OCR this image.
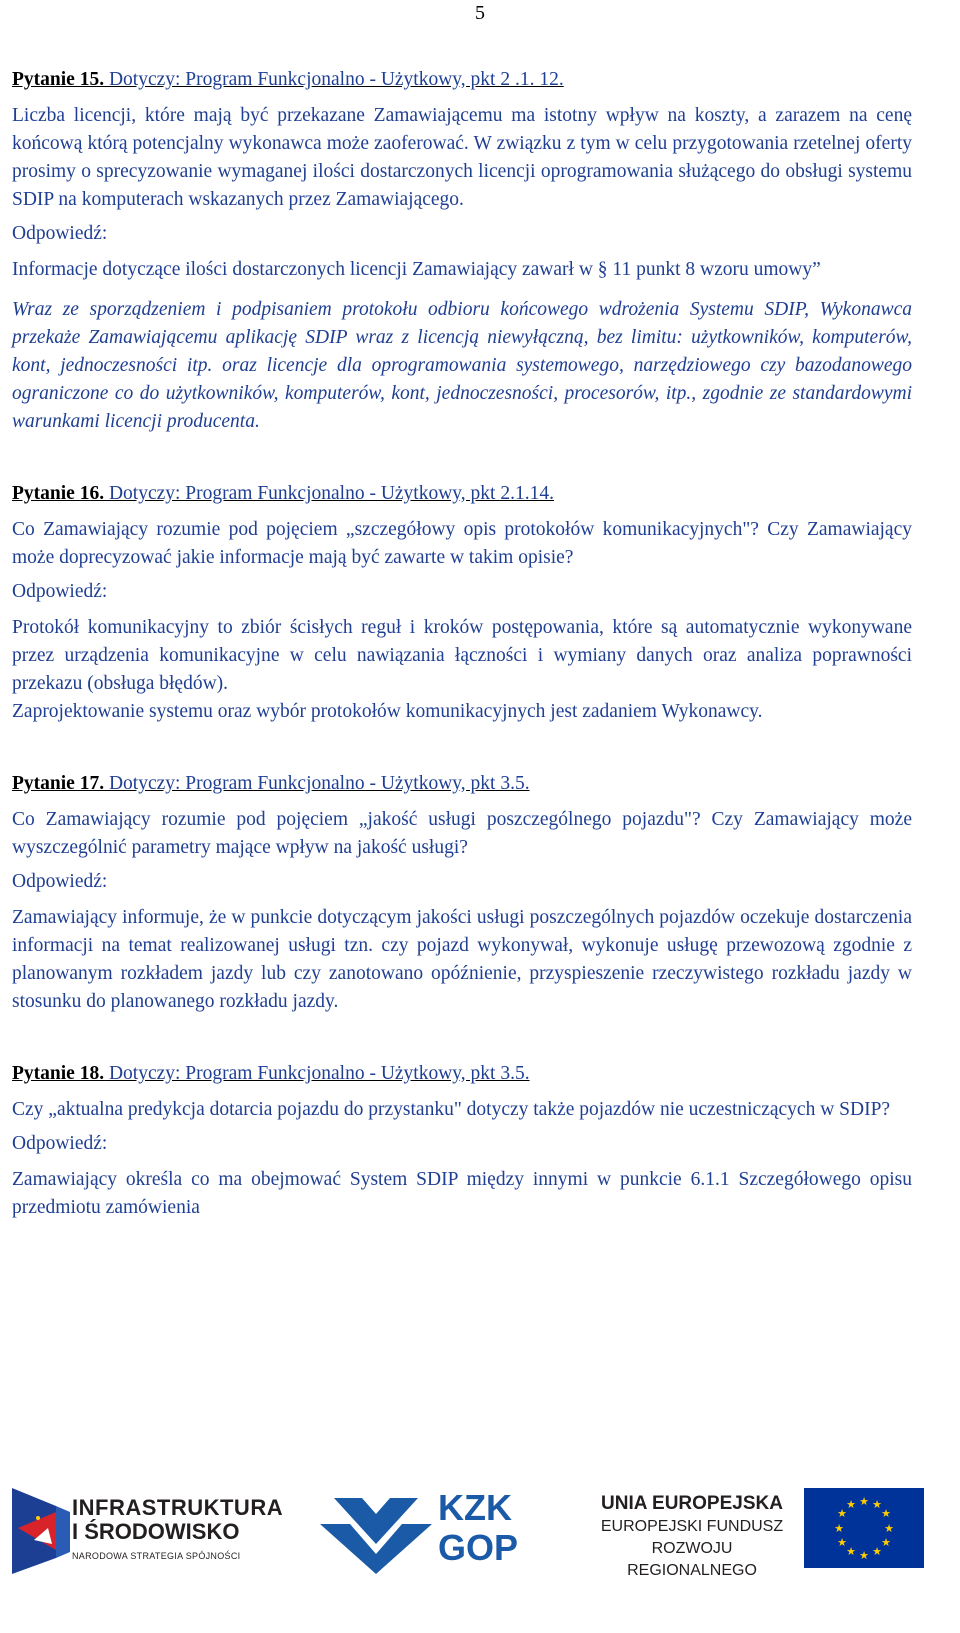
5
Pytanie 15. Dotyczy: Program Funkcjonalno - Użytkowy, pkt 2 .1. 12.

Liczba licencji, które mają być przekazane Zamawiającemu ma istotny wpływ na koszty, a zarazem na cenę końcową którą potencjalny wykonawca może zaoferować. W związku z tym w celu przygotowania rzetelnej oferty prosimy o sprecyzowanie wymaganej ilości dostarczonych licencji oprogramowania służącego do obsługi systemu SDIP na komputerach wskazanych przez Zamawiającego.

Odpowiedź:

Informacje dotyczące ilości dostarczonych licencji Zamawiający zawarł w § 11 punkt 8 wzoru umowy”

Wraz ze sporządzeniem i podpisaniem protokołu odbioru końcowego wdrożenia Systemu SDIP, Wykonawca przekaże Zamawiającemu aplikację SDIP wraz z licencją niewyłączną, bez limitu: użytkowników, komputerów, kont, jednoczesności itp. oraz licencje dla oprogramowania systemowego, narzędziowego czy bazodanowego ograniczone co do użytkowników, komputerów, kont, jednoczesności, procesorów, itp., zgodnie ze standardowymi warunkami licencji producenta.

Pytanie 16. Dotyczy: Program Funkcjonalno - Użytkowy, pkt 2.1.14.

Co Zamawiający rozumie pod pojęciem „szczegółowy opis protokołów komunikacyjnych"? Czy Zamawiający może doprecyzować jakie informacje mają być zawarte w takim opisie?

Odpowiedź:

Protokół komunikacyjny to zbiór ścisłych reguł i kroków postępowania, które są automatycznie wykonywane przez urządzenia komunikacyjne w celu nawiązania łączności i wymiany danych oraz analiza poprawności przekazu (obsługa błędów).

Zaprojektowanie systemu oraz wybór protokołów komunikacyjnych jest zadaniem Wykonawcy.

Pytanie 17. Dotyczy: Program Funkcjonalno - Użytkowy, pkt 3.5.

Co Zamawiający rozumie pod pojęciem „jakość usługi poszczególnego pojazdu"? Czy Zamawiający może wyszczególnić parametry mające wpływ na jakość usługi?

Odpowiedź:

Zamawiający informuje, że w punkcie dotyczącym jakości usługi poszczególnych pojazdów oczekuje dostarczenia informacji na temat realizowanej usługi tzn. czy pojazd wykonywał, wykonuje usługę przewozową zgodnie z planowanym rozkładem jazdy lub czy zanotowano opóźnienie, przyspieszenie rzeczywistego rozkładu jazdy w stosunku do planowanego rozkładu jazdy.

Pytanie 18. Dotyczy: Program Funkcjonalno - Użytkowy, pkt 3.5.

Czy „aktualna predykcja dotarcia pojazdu do przystanku" dotyczy także pojazdów nie uczestniczących w SDIP?

Odpowiedź:

Zamawiający określa co ma obejmować System SDIP między innymi w punkcie 6.1.1 Szczegółowego opisu przedmiotu zamówienia

INFRASTRUKTURA
I ŚRODOWISKO
NARODOWA STRATEGIA SPÓJNOŚCI
KZK
GOP
UNIA EUROPEJSKA
EUROPEJSKI FUNDUSZ
ROZWOJU REGIONALNEGO
★ ★
★
★
★
★
★
★
★
★
★
★
